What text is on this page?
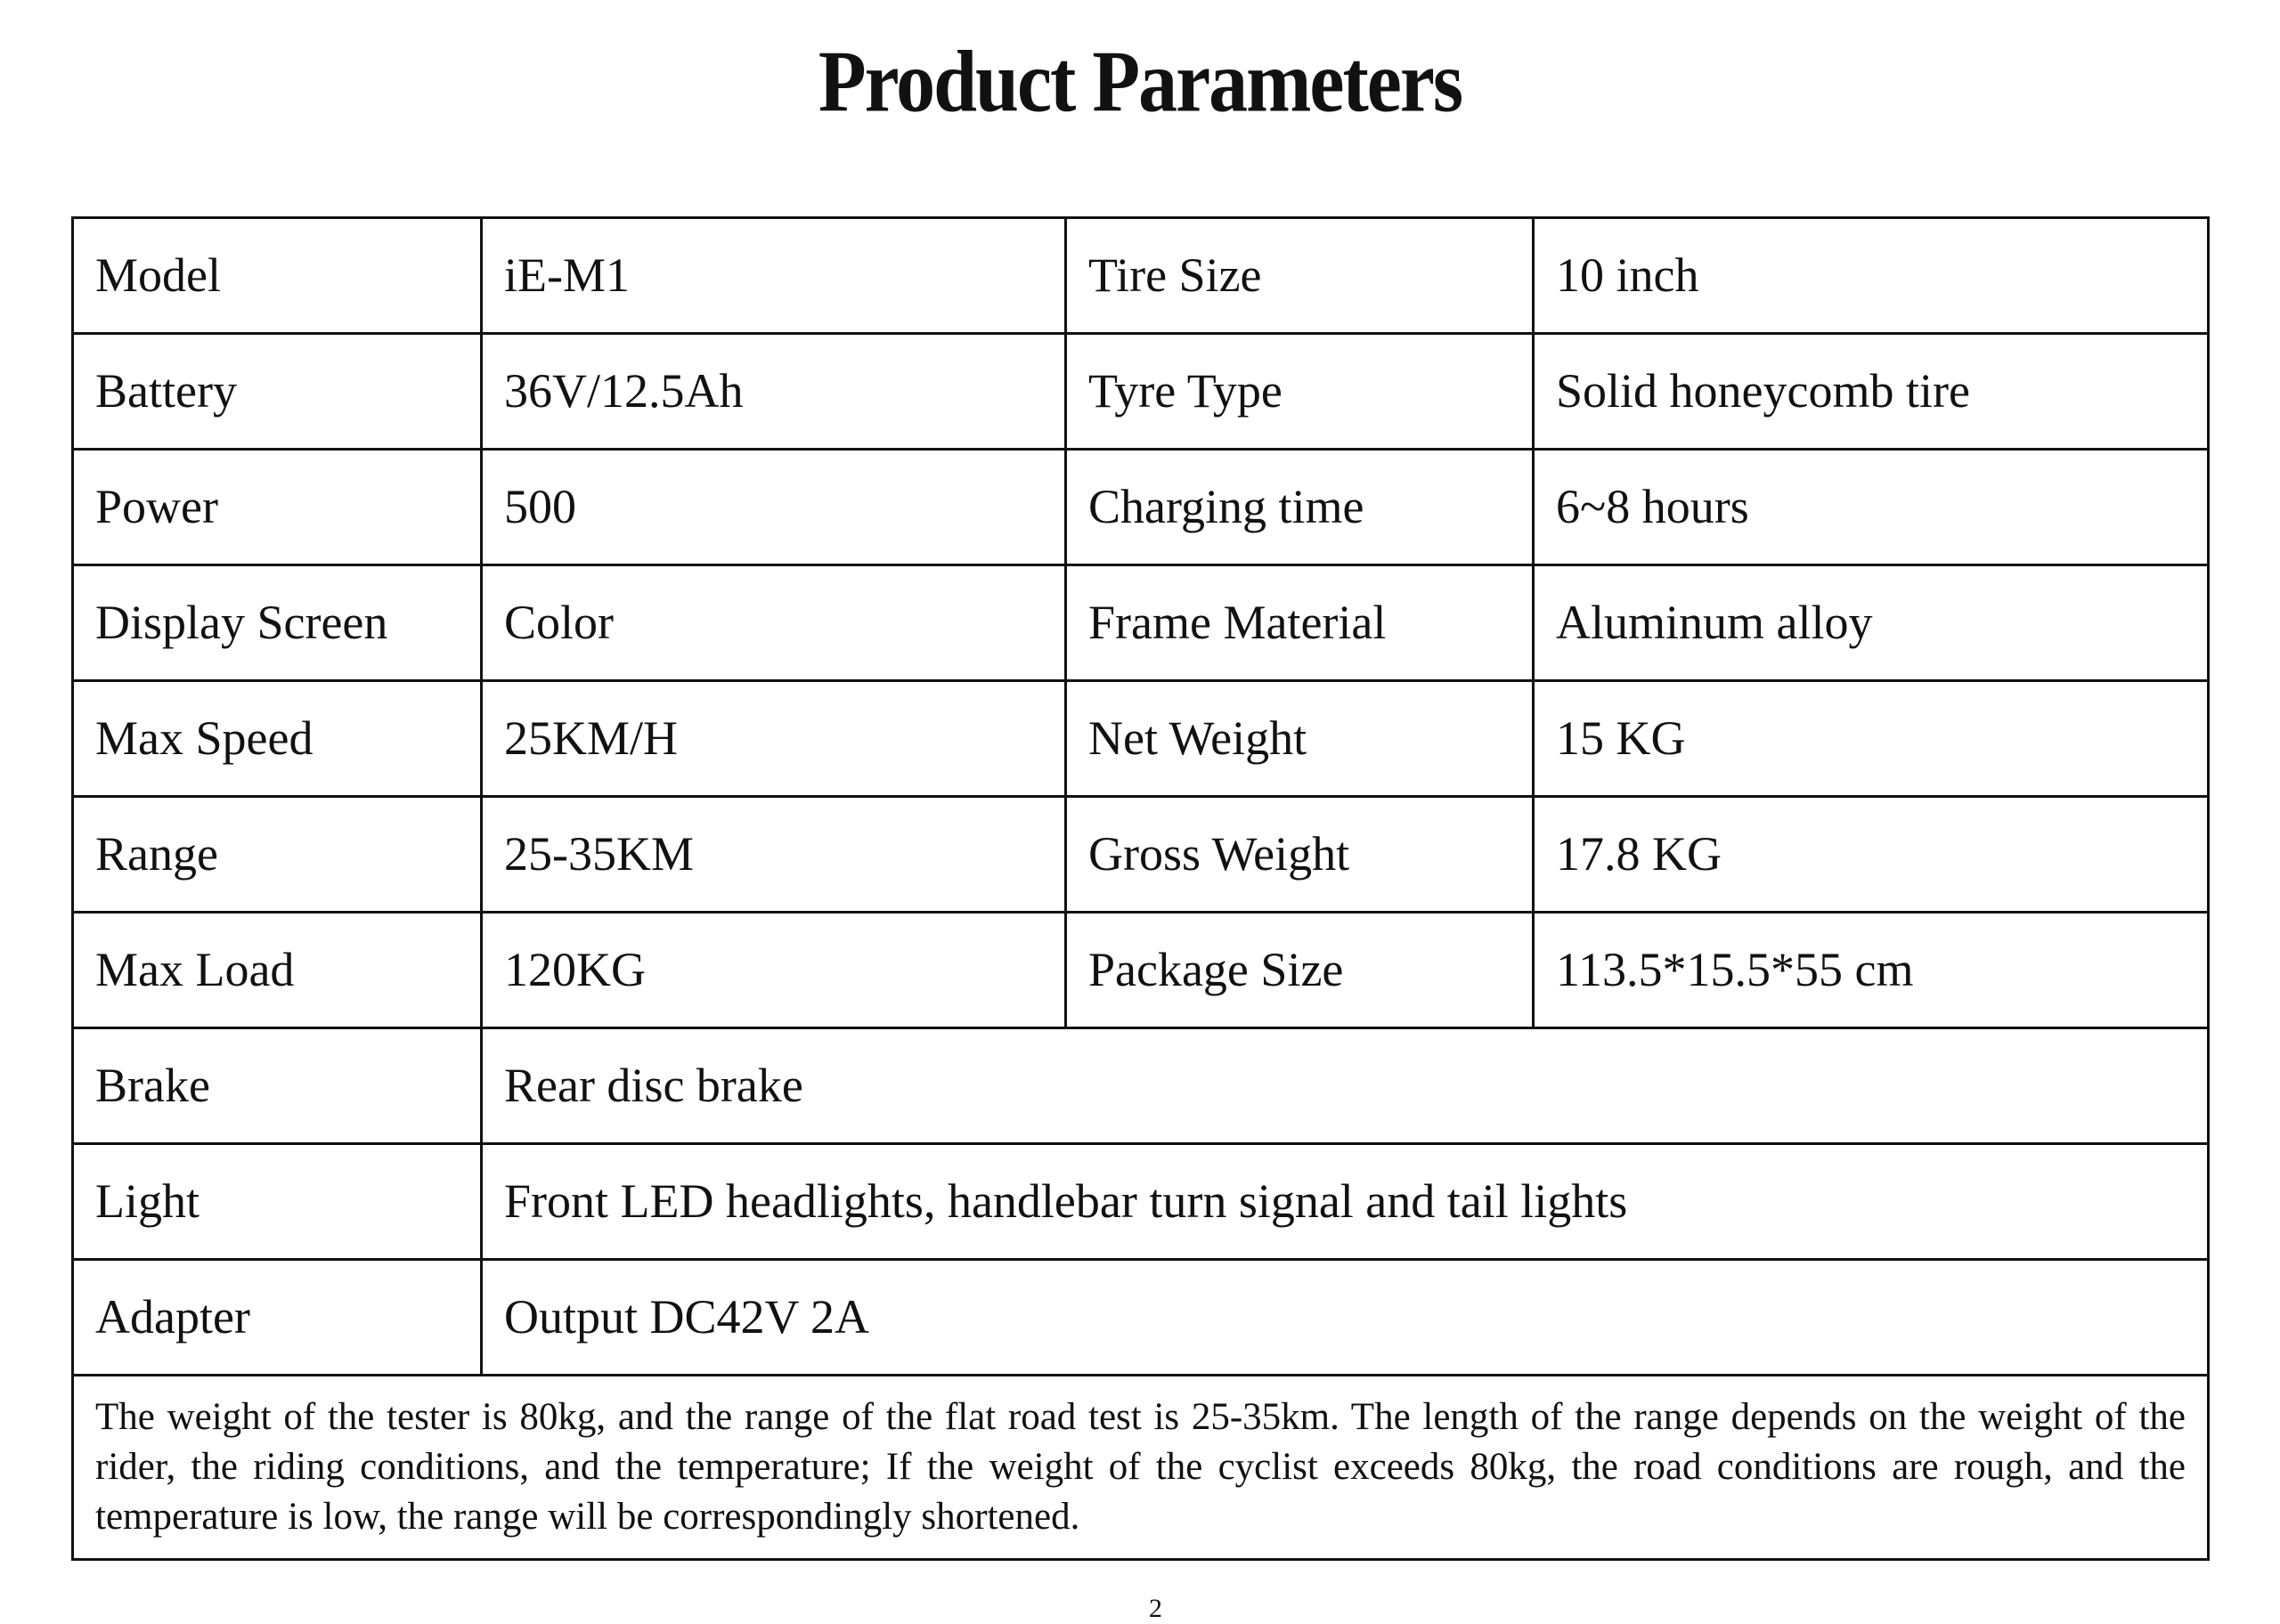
Product Parameters
Model	iE-M1	Tire Size	10 inch
Battery	36V/12.5Ah	Tyre Type	Solid honeycomb tire
Power	500	Charging time	6~8 hours
Display Screen	Color	Frame Material	Aluminum alloy
Max Speed	25KM/H	Net Weight	15 KG
Range	25-35KM	Gross Weight	17.8 KG
Max Load	120KG	Package Size	113.5*15.5*55 cm
Brake	Rear disc brake		
Light	Front LED headlights, handlebar turn signal and tail lights		
Adapter	Output DC42V 2A		
The weight of the tester is 80kg, and the range of the flat road test is 25-35km. The length of the range depends on the weight of the rider, the riding conditions, and the temperature; If the weight of the cyclist exceeds 80kg, the road conditions are rough, and the temperature is low, the range will be correspondingly shortened.			
2
